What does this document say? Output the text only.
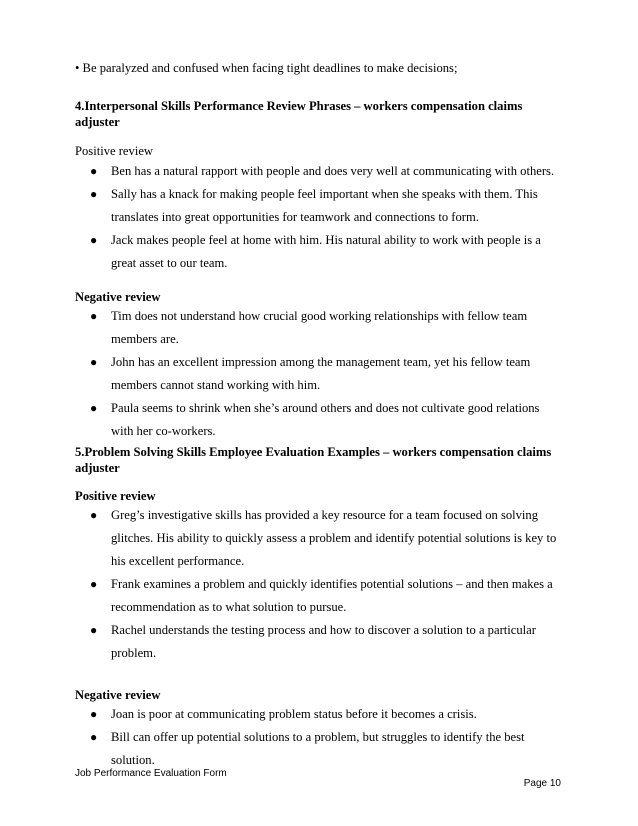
• Be paralyzed and confused when facing tight deadlines to make decisions;
4.Interpersonal Skills Performance Review Phrases – workers compensation claims
adjuster
Positive review
● Ben has a natural rapport with people and does very well at communicating with others.
● Sally has a knack for making people feel important when she speaks with them. This
translates into great opportunities for teamwork and connections to form.
● Jack makes people feel at home with him. His natural ability to work with people is a
great asset to our team.
Negative review
● Tim does not understand how crucial good working relationships with fellow team
members are.
● John has an excellent impression among the management team, yet his fellow team
members cannot stand working with him.
● Paula seems to shrink when she’s around others and does not cultivate good relations
with her co-workers.
5.Problem Solving Skills Employee Evaluation Examples – workers compensation claims
adjuster
Positive review
● Greg’s investigative skills has provided a key resource for a team focused on solving
glitches. His ability to quickly assess a problem and identify potential solutions is key to
his excellent performance.
● Frank examines a problem and quickly identifies potential solutions – and then makes a
recommendation as to what solution to pursue.
● Rachel understands the testing process and how to discover a solution to a particular
problem.
Negative review
● Joan is poor at communicating problem status before it becomes a crisis.
● Bill can offer up potential solutions to a problem, but struggles to identify the best
solution.
Job Performance Evaluation Form
Page 10
